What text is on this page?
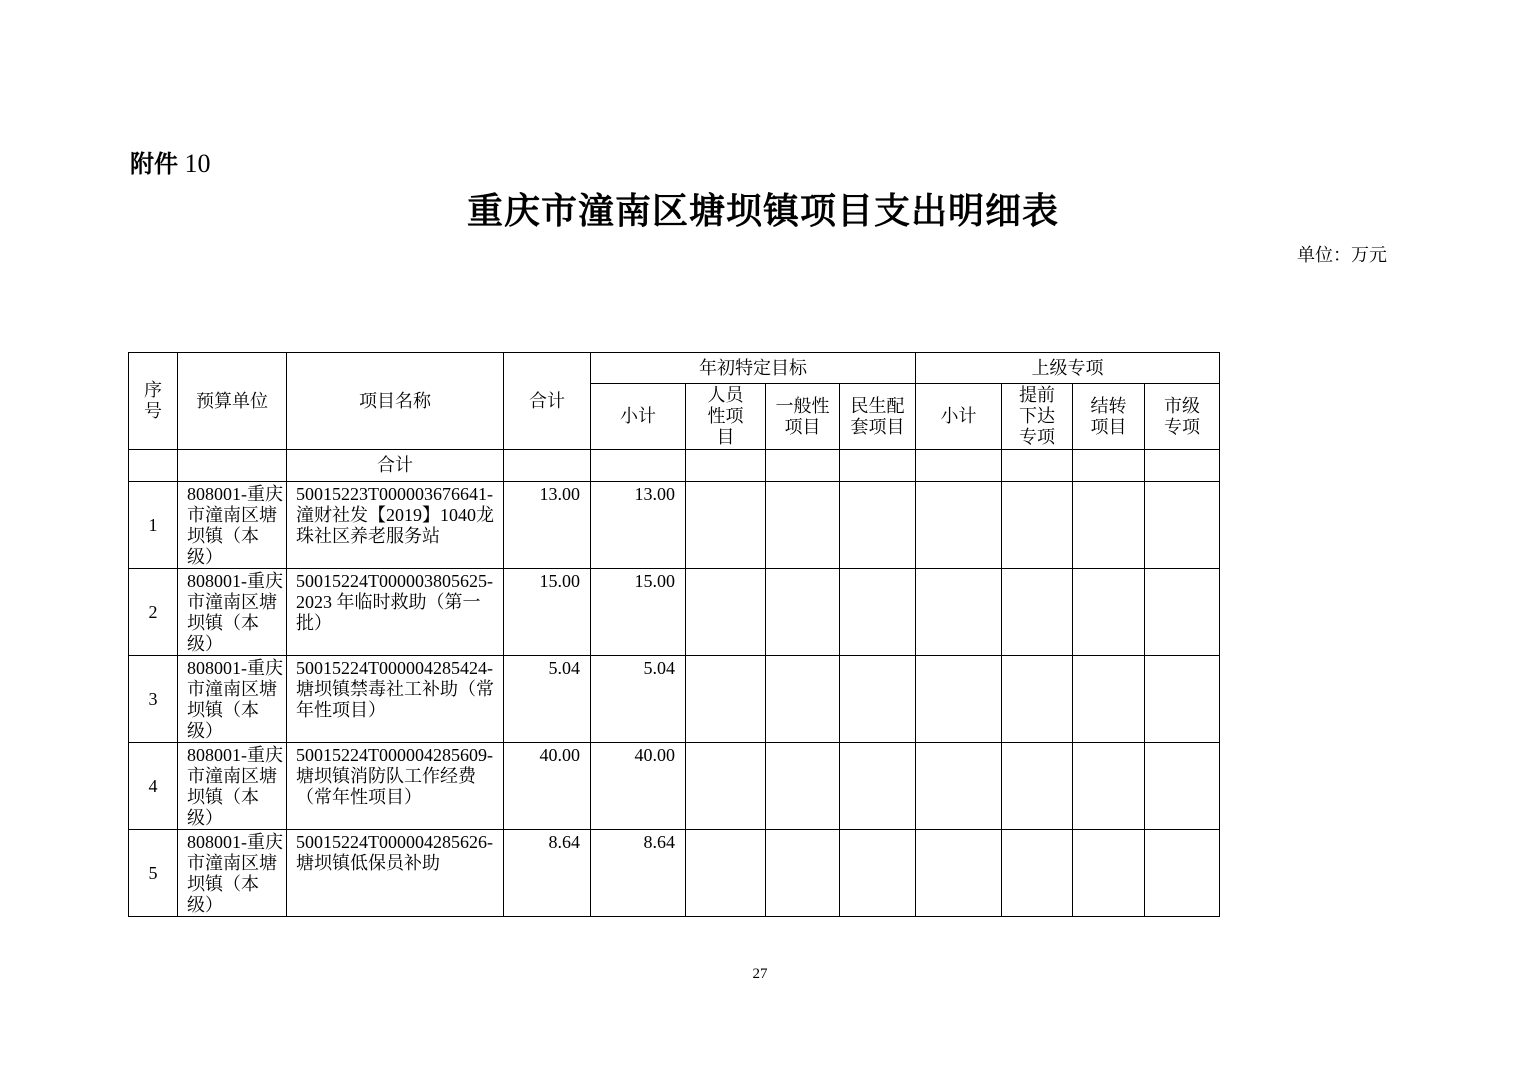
附件 10
重庆市潼南区塘坝镇项目支出明细表
单位：万元
序号	预算单位	项目名称	合计	年初特定目标				上级专项			
				小计	人员性项目	一般性项目	民生配套项目	小计	提前下达专项	结转项目	市级专项
		合计									
1	808001-重庆市潼南区塘坝镇（本级）	50015223T000003676641-潼财社发【2019】1040龙珠社区养老服务站	13.00	13.00							
2	808001-重庆市潼南区塘坝镇（本级）	50015224T000003805625-2023 年临时救助（第一批）	15.00	15.00							
3	808001-重庆市潼南区塘坝镇（本级）	50015224T000004285424-塘坝镇禁毒社工补助（常年性项目）	5.04	5.04							
4	808001-重庆市潼南区塘坝镇（本级）	50015224T000004285609-塘坝镇消防队工作经费（常年性项目）	40.00	40.00							
5	808001-重庆市潼南区塘坝镇（本级）	50015224T000004285626-塘坝镇低保员补助	8.64	8.64							
27
